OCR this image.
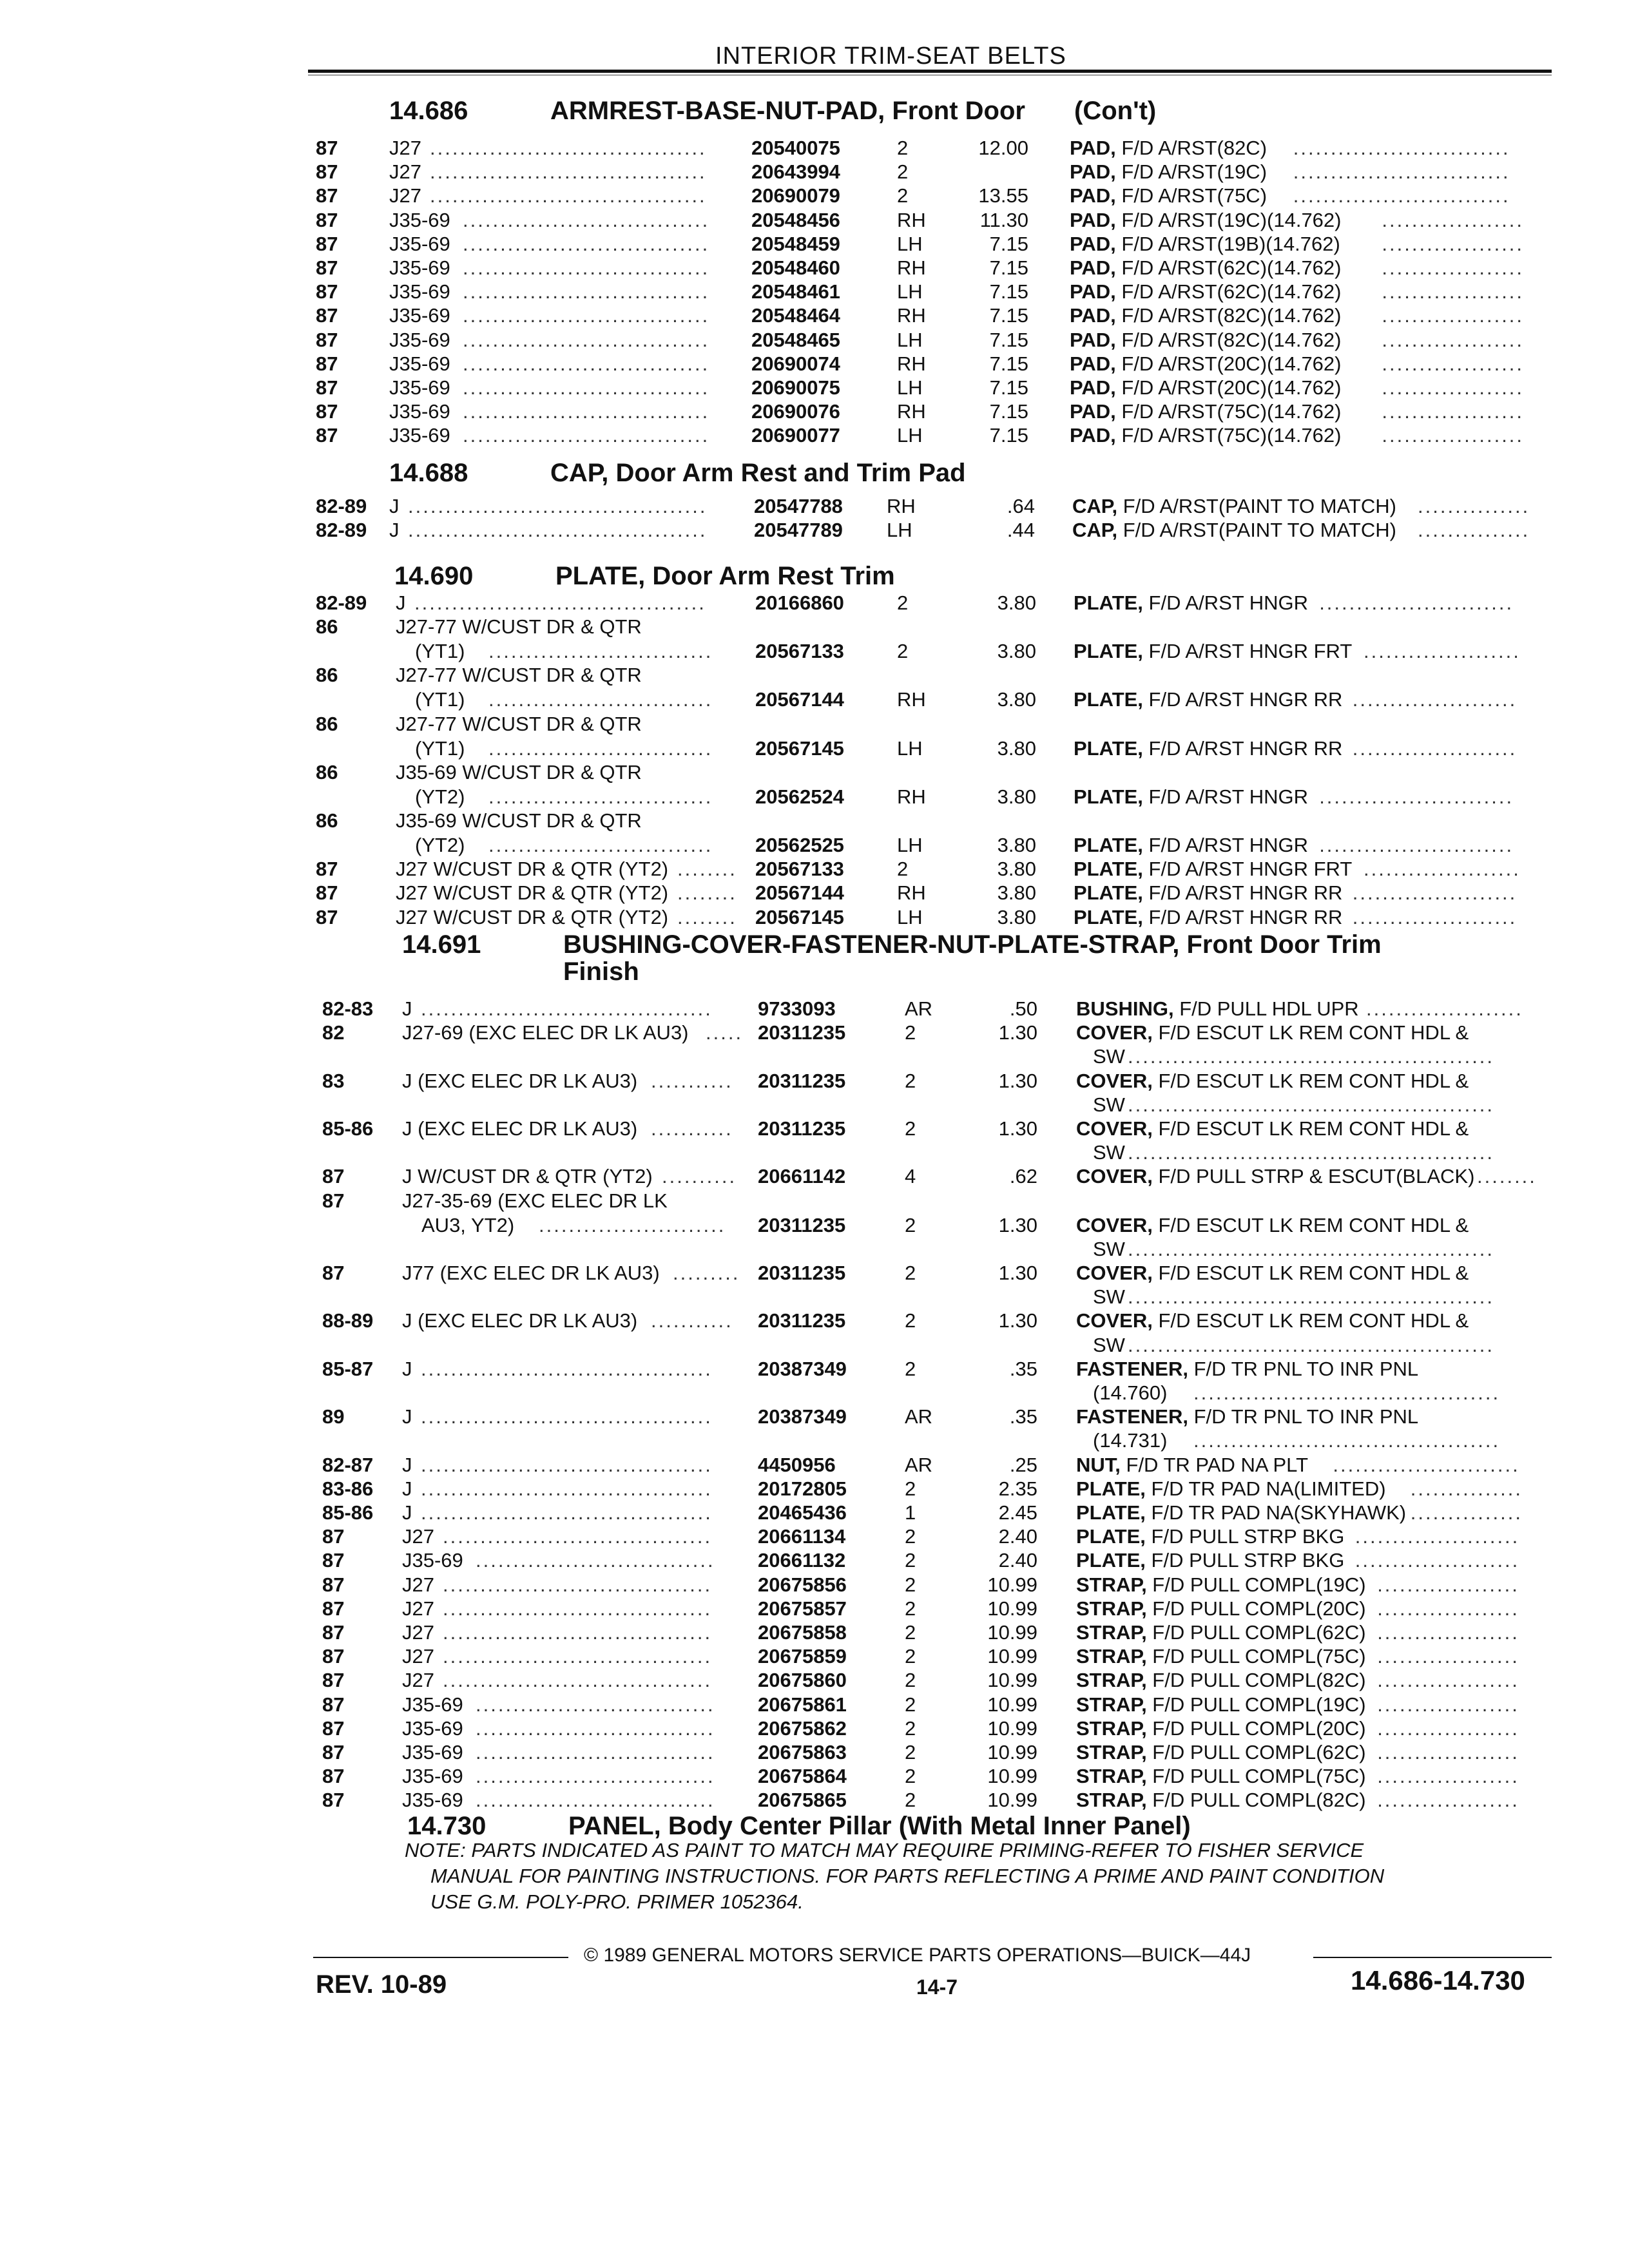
INTERIOR TRIM-SEAT BELTS
14.686	ARMREST-BASE-NUT-PAD, Front Door (Con't)
87	J27 .....................................	20540075	2	12.00 PAD, F/D A/RST(82C) .............................
87	J27 .....................................	20643994	2	PAD, F/D A/RST(19C) .............................
87	J27 .....................................	20690079	2	13.55 PAD, F/D A/RST(75C) .............................
87	J35-69 .................................	20548456	RH	11.30 PAD, F/D A/RST(19C)(14.762) ...................
87	J35-69 .................................	20548459	LH	7.15 PAD, F/D A/RST(19B)(14.762) ...................
87	J35-69 .................................	20548460	RH	7.15 PAD, F/D A/RST(62C)(14.762) ...................
87	J35-69 .................................	20548461	LH	7.15 PAD, F/D A/RST(62C)(14.762) ...................
87	J35-69 .................................	20548464	RH	7.15 PAD, F/D A/RST(82C)(14.762) ...................
87	J35-69 .................................	20548465	LH	7.15 PAD, F/D A/RST(82C)(14.762) ...................
87	J35-69 .................................	20690074	RH	7.15 PAD, F/D A/RST(20C)(14.762) ...................
87	J35-69 .................................	20690075	LH	7.15 PAD, F/D A/RST(20C)(14.762) ...................
87	J35-69 .................................	20690076	RH	7.15 PAD, F/D A/RST(75C)(14.762) ...................
87	J35-69 .................................	20690077	LH	7.15 PAD, F/D A/RST(75C)(14.762) ...................
14.688	CAP, Door Arm Rest and Trim Pad
82-89 J ........................................	20547788 RH	.64 CAP, F/D A/RST(PAINT TO MATCH) ...............
82-89 J ........................................	20547789 LH	.44 CAP, F/D A/RST(PAINT TO MATCH) ...............
14.690	PLATE, Door Arm Rest Trim
82-89 J .......................................	20166860	2	3.80 PLATE, F/D A/RST HNGR ..........................
86	J27-77 W/CUST DR & QTR
(YT1) ..............................	20567133	2	3.80 PLATE, F/D A/RST HNGR FRT .....................
86	J27-77 W/CUST DR & QTR
(YT1) ..............................	20567144	RH	3.80 PLATE, F/D A/RST HNGR RR ......................
86	J27-77 W/CUST DR & QTR
(YT1) ..............................	20567145	LH	3.80 PLATE, F/D A/RST HNGR RR ......................
86	J35-69 W/CUST DR & QTR
(YT2) ..............................	20562524	RH	3.80 PLATE, F/D A/RST HNGR ..........................
86	J35-69 W/CUST DR & QTR
(YT2) ..............................	20562525	LH	3.80 PLATE, F/D A/RST HNGR ..........................
87	J27 W/CUST DR & QTR (YT2) ........ 20567133	2	3.80 PLATE, F/D A/RST HNGR FRT .....................
87	J27 W/CUST DR & QTR (YT2) ........ 20567144	RH	3.80 PLATE, F/D A/RST HNGR RR ......................
87	J27 W/CUST DR & QTR (YT2) ........ 20567145	LH	3.80 PLATE, F/D A/RST HNGR RR ......................
14.691	BUSHING-COVER-FASTENER-NUT-PLATE-STRAP, Front Door Trim
Finish
82-83 J .......................................	9733093	AR	.50 BUSHING, F/D PULL HDL UPR .....................
82	J27-69 (EXC ELEC DR LK AU3) ..... 20311235	2	1.30 COVER, F/D ESCUT LK REM CONT HDL &
SW .................................................
83	J (EXC ELEC DR LK AU3) ...........	20311235	2	1.30 COVER, F/D ESCUT LK REM CONT HDL &
SW .................................................
85-86 J (EXC ELEC DR LK AU3) ...........	20311235	2	1.30 COVER, F/D ESCUT LK REM CONT HDL &
SW .................................................
87	J W/CUST DR & QTR (YT2) ..........	20661142	4	.62 COVER, F/D PULL STRP & ESCUT(BLACK) ........
87	J27-35-69 (EXC ELEC DR LK
AU3, YT2) .........................	20311235	2	1.30 COVER, F/D ESCUT LK REM CONT HDL &
SW .................................................
87	J77 (EXC ELEC DR LK AU3) ......... 20311235	2	1.30 COVER, F/D ESCUT LK REM CONT HDL &
SW .................................................
88-89 J (EXC ELEC DR LK AU3) ...........	20311235	2	1.30 COVER, F/D ESCUT LK REM CONT HDL &
SW .................................................
85-87 J .......................................	20387349	2	.35 FASTENER, F/D TR PNL TO INR PNL
(14.760) .........................................
89	J .......................................	20387349	AR	.35 FASTENER, F/D TR PNL TO INR PNL
(14.731) .........................................
82-87 J .......................................	4450956	AR	.25 NUT, F/D TR PAD NA PLT .........................
83-86 J .......................................	20172805	2	2.35 PLATE, F/D TR PAD NA(LIMITED) ...............
85-86 J .......................................	20465436	1	2.45 PLATE, F/D TR PAD NA(SKYHAWK) ...............
87	J27 ....................................	20661134	2	2.40 PLATE, F/D PULL STRP BKG ......................
87	J35-69 ................................	20661132	2	2.40 PLATE, F/D PULL STRP BKG ......................
87	J27 ....................................	20675856	2	10.99 STRAP, F/D PULL COMPL(19C) ...................
87	J27 ....................................	20675857	2	10.99 STRAP, F/D PULL COMPL(20C) ...................
87	J27 ....................................	20675858	2	10.99 STRAP, F/D PULL COMPL(62C) ...................
87	J27 ....................................	20675859	2	10.99 STRAP, F/D PULL COMPL(75C) ...................
87	J27 ....................................	20675860	2	10.99 STRAP, F/D PULL COMPL(82C) ...................
87	J35-69 ................................	20675861	2	10.99 STRAP, F/D PULL COMPL(19C) ...................
87	J35-69 ................................	20675862	2	10.99 STRAP, F/D PULL COMPL(20C) ...................
87	J35-69 ................................	20675863	2	10.99 STRAP, F/D PULL COMPL(62C) ...................
87	J35-69 ................................	20675864	2	10.99 STRAP, F/D PULL COMPL(75C) ...................
87	J35-69 ................................	20675865	2	10.99 STRAP, F/D PULL COMPL(82C) ...................
14.730	PANEL, Body Center Pillar (With Metal Inner Panel)
NOTE: PARTS INDICATED AS PAINT TO MATCH MAY REQUIRE PRIMING-REFER TO FISHER SERVICE
MANUAL FOR PAINTING INSTRUCTIONS. FOR PARTS REFLECTING A PRIME AND PAINT CONDITION
USE G.M. POLY-PRO. PRIMER 1052364.
© 1989 GENERAL MOTORS SERVICE PARTS OPERATIONS—BUICK—44J
REV. 10-89	14-7	14.686-14.730
